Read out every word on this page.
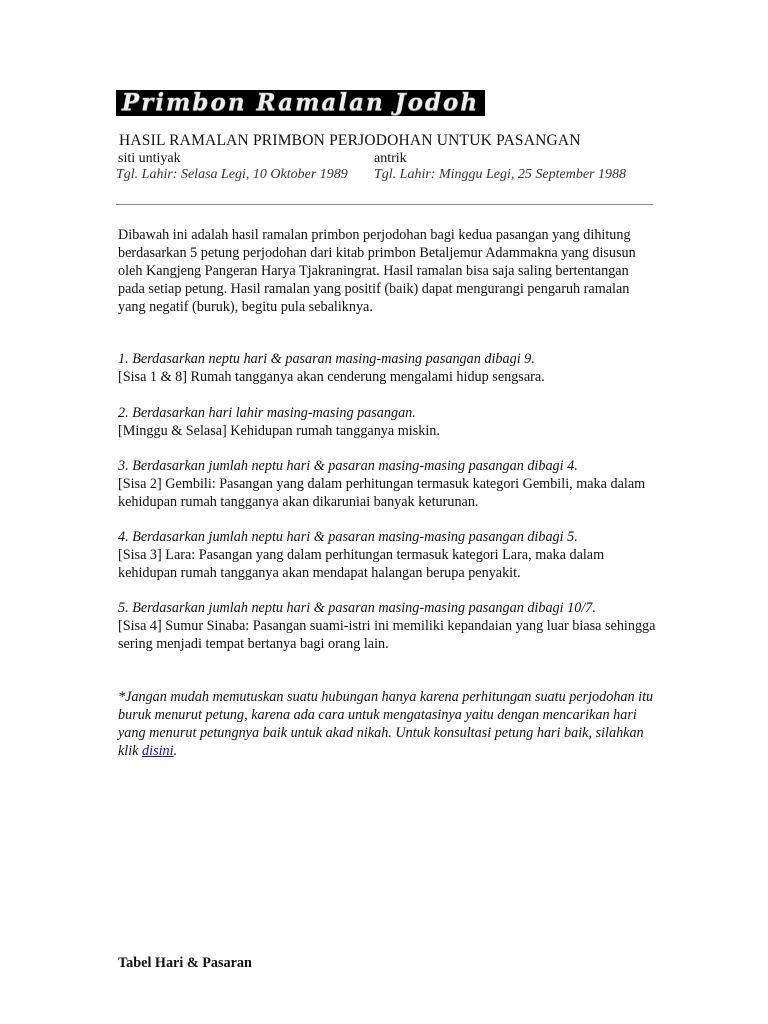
Primbon Ramalan Jodoh
HASIL RAMALAN PRIMBON PERJODOHAN UNTUK PASANGAN
siti untiyak	antrik
Tgl. Lahir: Selasa Legi, 10 Oktober 1989 Tgl. Lahir: Minggu Legi, 25 September 1988
Dibawah ini adalah hasil ramalan primbon perjodohan bagi kedua pasangan yang dihitung berdasarkan 5 petung perjodohan dari kitab primbon Betaljemur Adammakna yang disusun oleh Kangjeng Pangeran Harya Tjakraningrat. Hasil ramalan bisa saja saling bertentangan pada setiap petung. Hasil ramalan yang positif (baik) dapat mengurangi pengaruh ramalan yang negatif (buruk), begitu pula sebaliknya.
1. Berdasarkan neptu hari & pasaran masing-masing pasangan dibagi 9.
[Sisa 1 & 8] Rumah tangganya akan cenderung mengalami hidup sengsara.
2. Berdasarkan hari lahir masing-masing pasangan.
[Minggu & Selasa] Kehidupan rumah tangganya miskin.
3. Berdasarkan jumlah neptu hari & pasaran masing-masing pasangan dibagi 4.
[Sisa 2] Gembili: Pasangan yang dalam perhitungan termasuk kategori Gembili, maka dalam kehidupan rumah tangganya akan dikaruniai banyak keturunan.
4. Berdasarkan jumlah neptu hari & pasaran masing-masing pasangan dibagi 5.
[Sisa 3] Lara: Pasangan yang dalam perhitungan termasuk kategori Lara, maka dalam kehidupan rumah tangganya akan mendapat halangan berupa penyakit.
5. Berdasarkan jumlah neptu hari & pasaran masing-masing pasangan dibagi 10/7.
[Sisa 4] Sumur Sinaba: Pasangan suami-istri ini memiliki kepandaian yang luar biasa sehingga sering menjadi tempat bertanya bagi orang lain.
*Jangan mudah memutuskan suatu hubungan hanya karena perhitungan suatu perjodohan itu buruk menurut petung, karena ada cara untuk mengatasinya yaitu dengan mencarikan hari yang menurut petungnya baik untuk akad nikah. Untuk konsultasi petung hari baik, silahkan klik disini.
Tabel Hari & Pasaran
